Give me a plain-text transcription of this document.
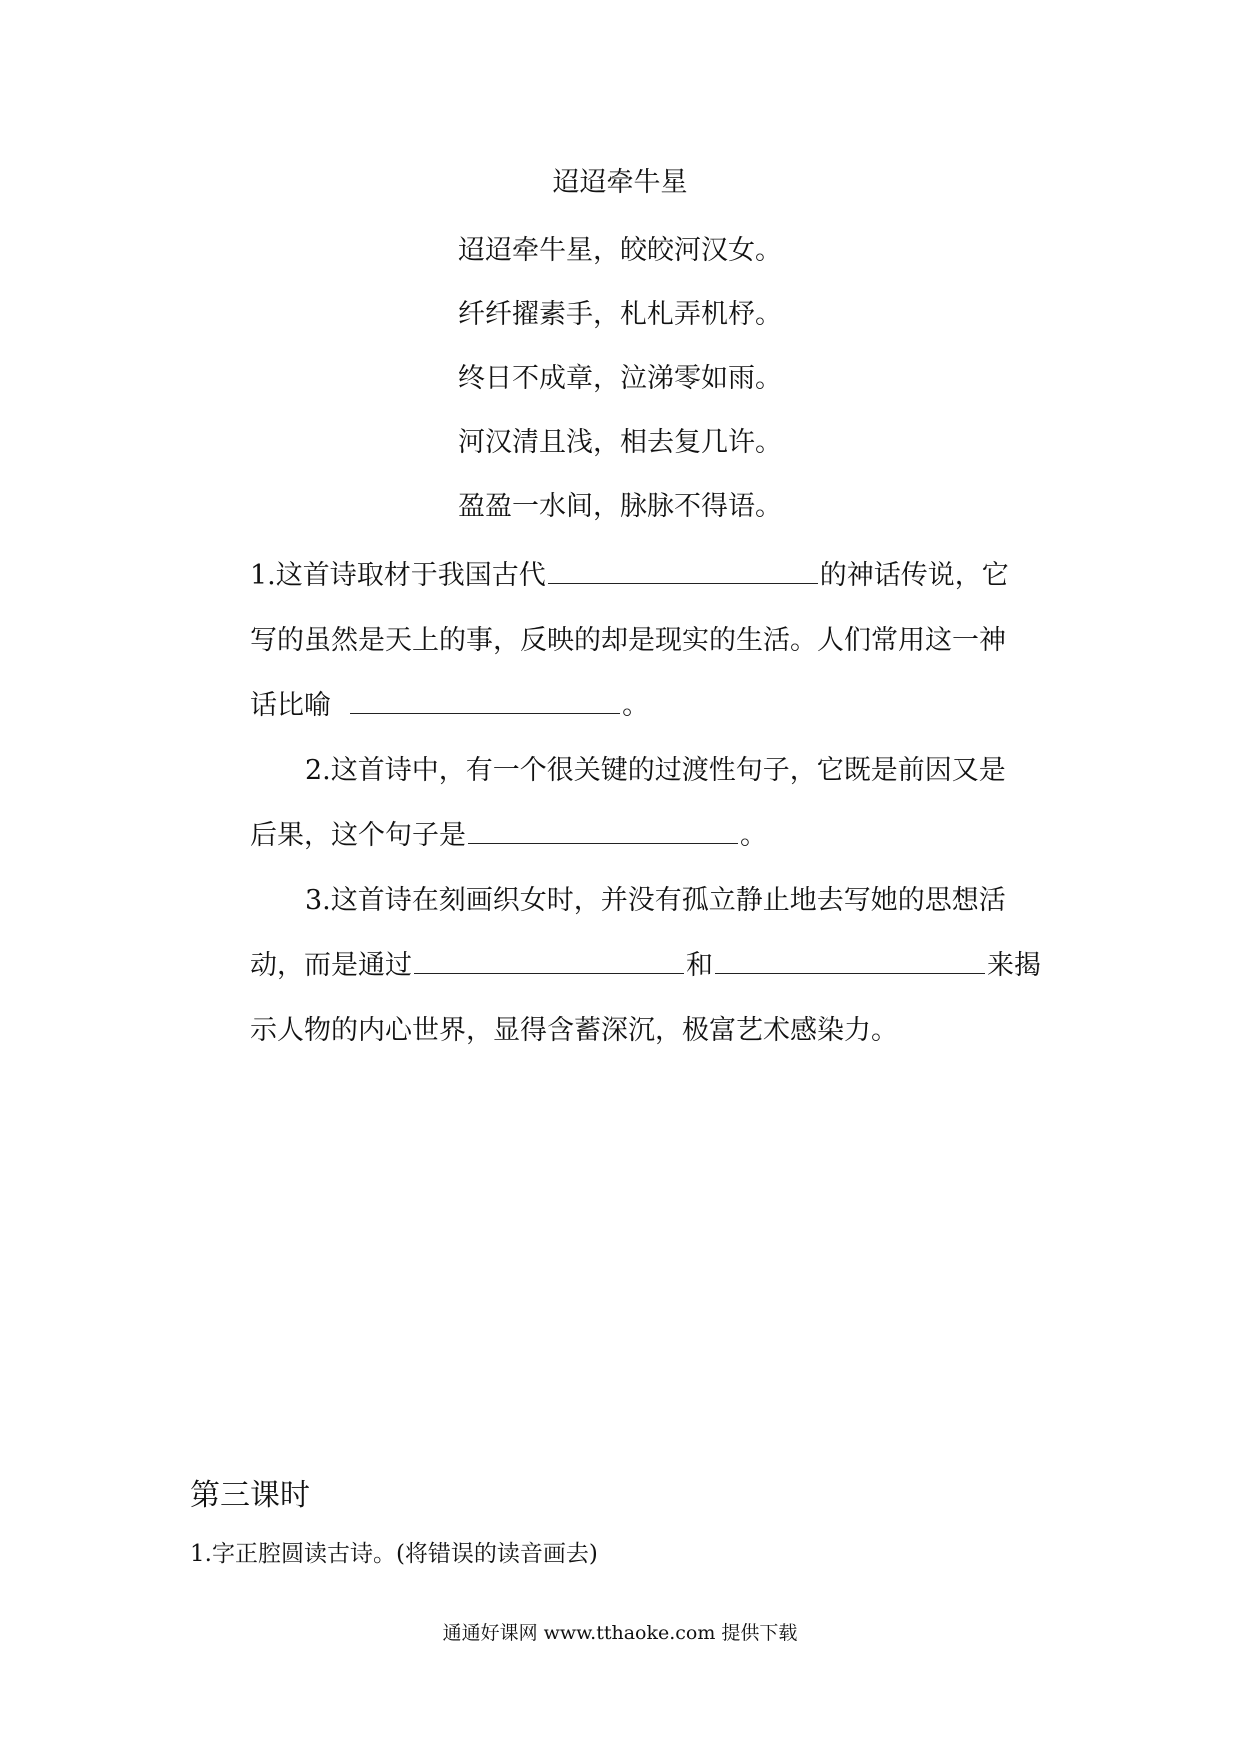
迢迢牵牛星
迢迢牵牛星，皎皎河汉女。
纤纤擢素手，札札弄机杼。
终日不成章，泣涕零如雨。
河汉清且浅，相去复几许。
盈盈一水间，脉脉不得语。
1.这首诗取材于我国古代	的神话传说，它
写的虽然是天上的事，反映的却是现实的生活。人们常用这一神
话比喻	。
2.这首诗中，有一个很关键的过渡性句子，它既是前因又是
后果，这个句子是	。
3.这首诗在刻画织女时，并没有孤立静止地去写她的思想活
动，而是通过	和	来揭
示人物的内心世界，显得含蓄深沉，极富艺术感染力。
第三课时
1.字正腔圆读古诗。(将错误的读音画去)
通通好课网 www.tthaoke.com 提供下载
